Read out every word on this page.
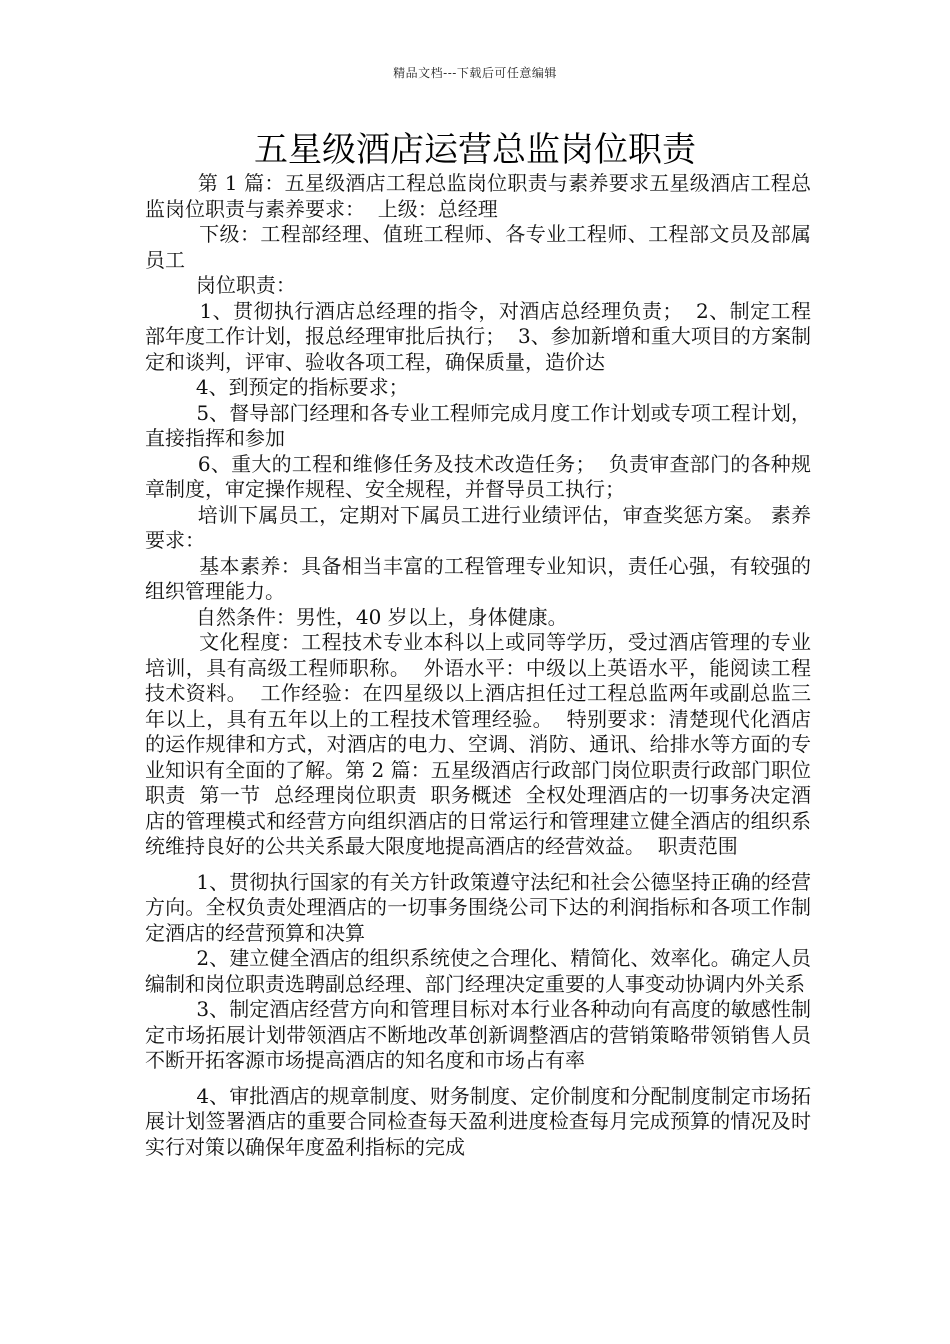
精品文档---下载后可任意编辑
五星级酒店运营总监岗位职责

第 1 篇：五星级酒店工程总监岗位职责与素养要求五星级酒店工程总监岗位职责与素养要求：  上级：总经理

下级：工程部经理、值班工程师、各专业工程师、工程部文员及部属员工

岗位职责：

1、贯彻执行酒店总经理的指令，对酒店总经理负责；  2、制定工程部年度工作计划，报总经理审批后执行；  3、参加新增和重大项目的方案制定和谈判，评审、验收各项工程，确保质量，造价达

4、到预定的指标要求；

5、督导部门经理和各专业工程师完成月度工作计划或专项工程计划，直接指挥和参加

6、重大的工程和维修任务及技术改造任务；  负责审查部门的各种规章制度，审定操作规程、安全规程，并督导员工执行；

培训下属员工，定期对下属员工进行业绩评估，审查奖惩方案。 素养要求：

基本素养：具备相当丰富的工程管理专业知识，责任心强，有较强的组织管理能力。

自然条件：男性，40 岁以上，身体健康。

文化程度：工程技术专业本科以上或同等学历，受过酒店管理的专业培训，具有高级工程师职称。  外语水平：中级以上英语水平，能阅读工程技术资料。  工作经验：在四星级以上酒店担任过工程总监两年或副总监三年以上，具有五年以上的工程技术管理经验。  特别要求：清楚现代化酒店的运作规律和方式，对酒店的电力、空调、消防、通讯、给排水等方面的专业知识有全面的了解。第 2 篇：五星级酒店行政部门岗位职责行政部门职位职责  第一节  总经理岗位职责  职务概述  全权处理酒店的一切事务决定酒店的管理模式和经营方向组织酒店的日常运行和管理建立健全酒店的组织系统维持良好的公共关系最大限度地提高酒店的经营效益。  职责范围

1、贯彻执行国家的有关方针政策遵守法纪和社会公德坚持正确的经营方向。全权负责处理酒店的一切事务围绕公司下达的利润指标和各项工作制定酒店的经营预算和决算

2、建立健全酒店的组织系统使之合理化、精简化、效率化。确定人员编制和岗位职责选聘副总经理、部门经理决定重要的人事变动协调内外关系

3、制定酒店经营方向和管理目标对本行业各种动向有高度的敏感性制定市场拓展计划带领酒店不断地改革创新调整酒店的营销策略带领销售人员不断开拓客源市场提高酒店的知名度和市场占有率

4、审批酒店的规章制度、财务制度、定价制度和分配制度制定市场拓展计划签署酒店的重要合同检查每天盈利进度检查每月完成预算的情况及时实行对策以确保年度盈利指标的完成
